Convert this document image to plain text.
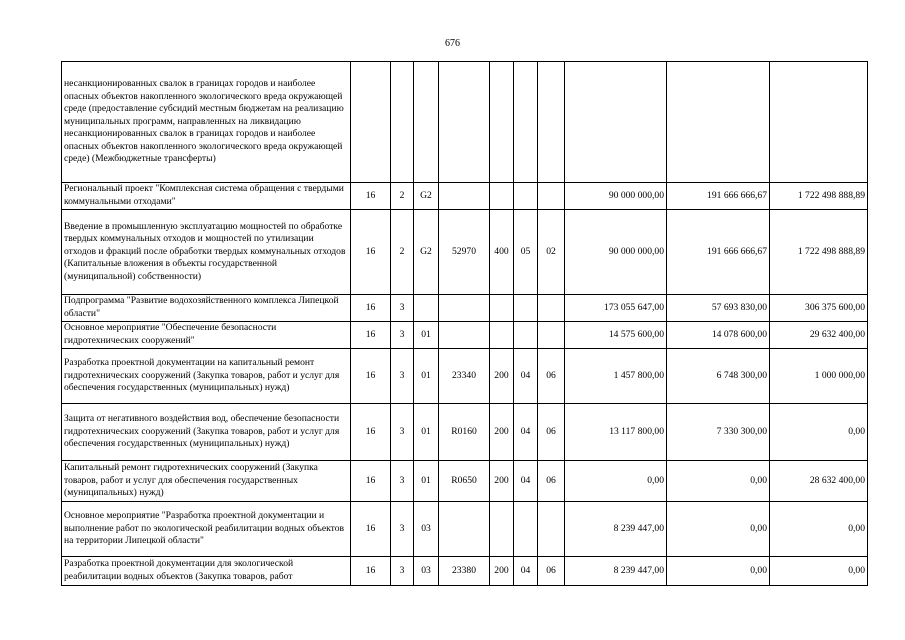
676
несанкционированных свалок в границах городов и наиболее опасных объектов накопленного экологического вреда окружающей среде (предоставление субсидий местным бюджетам на реализацию муниципальных программ, направленных на ликвидацию несанкционированных свалок в границах городов и наиболее опасных объектов накопленного экологического вреда окружающей среде) (Межбюджетные трансферты)										
Региональный проект "Комплексная система обращения с твердыми коммунальными отходами"	16	2	G2					90 000 000,00	191 666 666,67	1 722 498 888,89
Введение в промышленную эксплуатацию мощностей по обработке твердых коммунальных отходов и мощностей по утилизации отходов и фракций после обработки твердых коммунальных отходов (Капитальные вложения в объекты государственной (муниципальной) собственности)	16	2	G2	52970	400	05	02	90 000 000,00	191 666 666,67	1 722 498 888,89
Подпрограмма "Развитие водохозяйственного комплекса Липецкой области"	16	3						173 055 647,00	57 693 830,00	306 375 600,00
Основное мероприятие "Обеспечение безопасности гидротехнических сооружений"	16	3	01					14 575 600,00	14 078 600,00	29 632 400,00
Разработка проектной документации на капитальный ремонт гидротехнических сооружений (Закупка товаров, работ и услуг для обеспечения государственных (муниципальных) нужд)	16	3	01	23340	200	04	06	1 457 800,00	6 748 300,00	1 000 000,00
Защита от негативного воздействия вод, обеспечение безопасности гидротехнических сооружений (Закупка товаров, работ и услуг для обеспечения государственных (муниципальных) нужд)	16	3	01	R0160	200	04	06	13 117 800,00	7 330 300,00	0,00
Капитальный ремонт гидротехнических сооружений (Закупка товаров, работ и услуг для обеспечения государственных (муниципальных) нужд)	16	3	01	R0650	200	04	06	0,00	0,00	28 632 400,00
Основное мероприятие "Разработка проектной документации и выполнение работ по экологической реабилитации водных объектов на территории Липецкой области"	16	3	03					8 239 447,00	0,00	0,00
Разработка проектной документации для экологической реабилитации водных объектов (Закупка товаров, работ	16	3	03	23380	200	04	06	8 239 447,00	0,00	0,00
